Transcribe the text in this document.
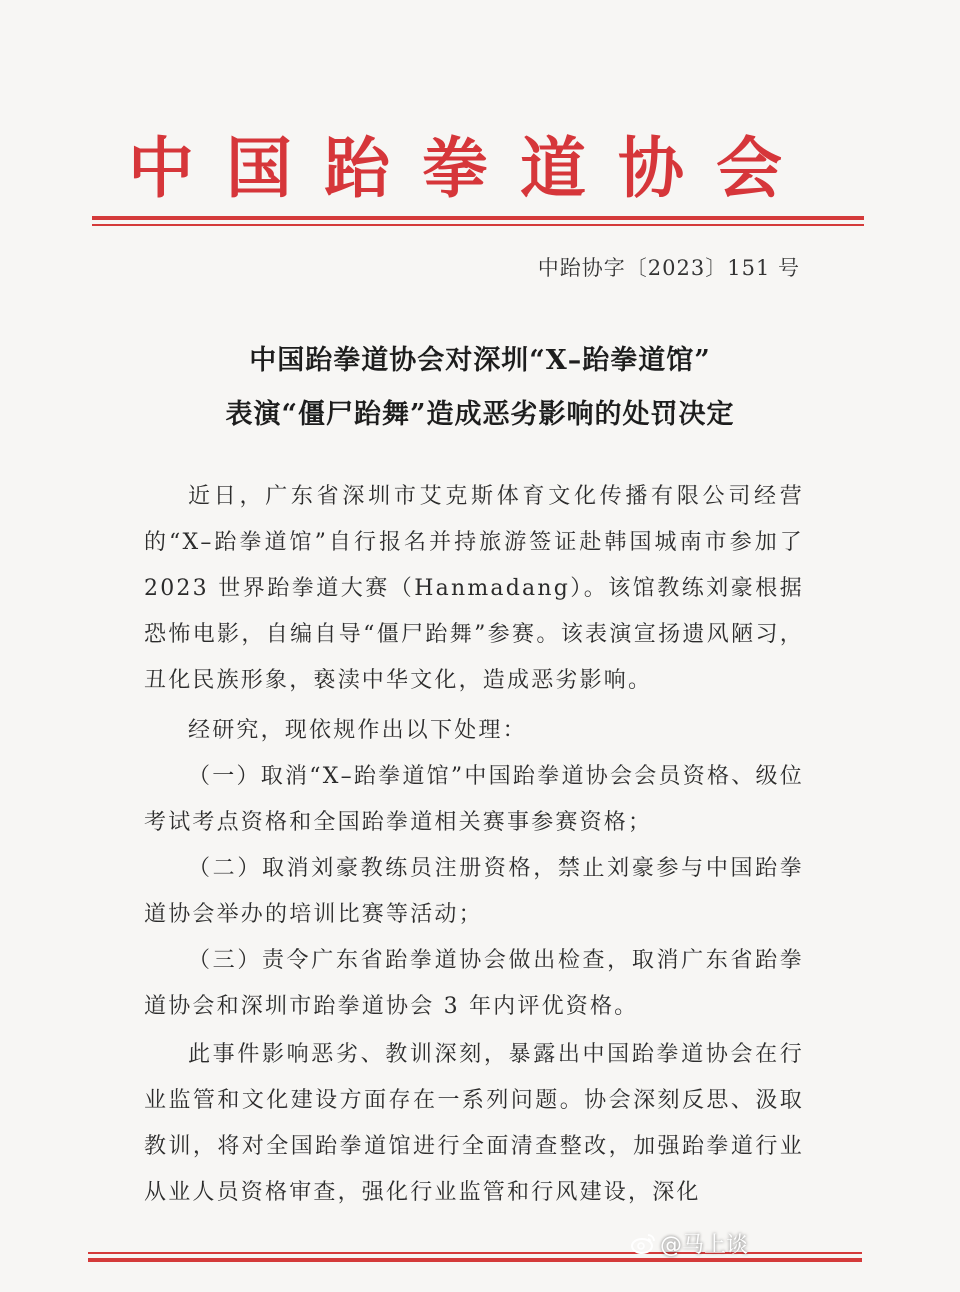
中国跆拳道协会
中跆协字〔2023〕151 号
中国跆拳道协会对深圳“X–跆拳道馆”
表演“僵尸跆舞”造成恶劣影响的处罚决定

近日，广东省深圳市艾克斯体育文化传播有限公司经营的“X–跆拳道馆”自行报名并持旅游签证赴韩国城南市参加了 2023 世界跆拳道大赛（Hanmadang）。该馆教练刘豪根据恐怖电影，自编自导“僵尸跆舞”参赛。该表演宣扬遗风陋习，丑化民族形象，亵渎中华文化，造成恶劣影响。

经研究，现依规作出以下处理：

（一）取消“X–跆拳道馆”中国跆拳道协会会员资格、级位考试考点资格和全国跆拳道相关赛事参赛资格；

（二）取消刘豪教练员注册资格，禁止刘豪参与中国跆拳道协会举办的培训比赛等活动；

（三）责令广东省跆拳道协会做出检查，取消广东省跆拳道协会和深圳市跆拳道协会 3 年内评优资格。

此事件影响恶劣、教训深刻，暴露出中国跆拳道协会在行业监管和文化建设方面存在一系列问题。协会深刻反思、汲取教训，将对全国跆拳道馆进行全面清查整改，加强跆拳道行业从业人员资格审查，强化行业监管和行风建设，深化

@马上谈
